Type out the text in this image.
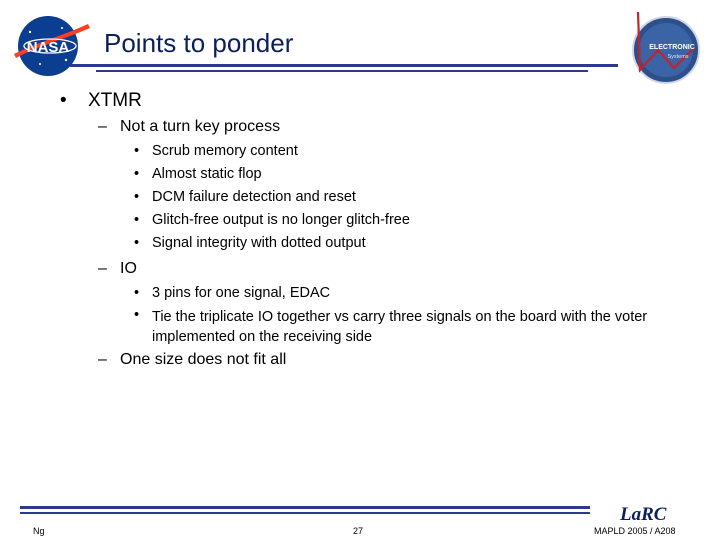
NASA Points to ponder	ELECTRONIC
Systems
• XTMR
– Not a turn key process
• Scrub memory content
• Almost static flop
• DCM failure detection and reset
• Glitch-free output is no longer glitch-free
• Signal integrity with dotted output
– IO
• 3 pins for one signal, EDAC
• Tie the triplicate IO together vs carry three signals on the board with the voter implemented on the receiving side
– One size does not fit all
LaRC
Ng	27	MAPLD 2005 / A208
